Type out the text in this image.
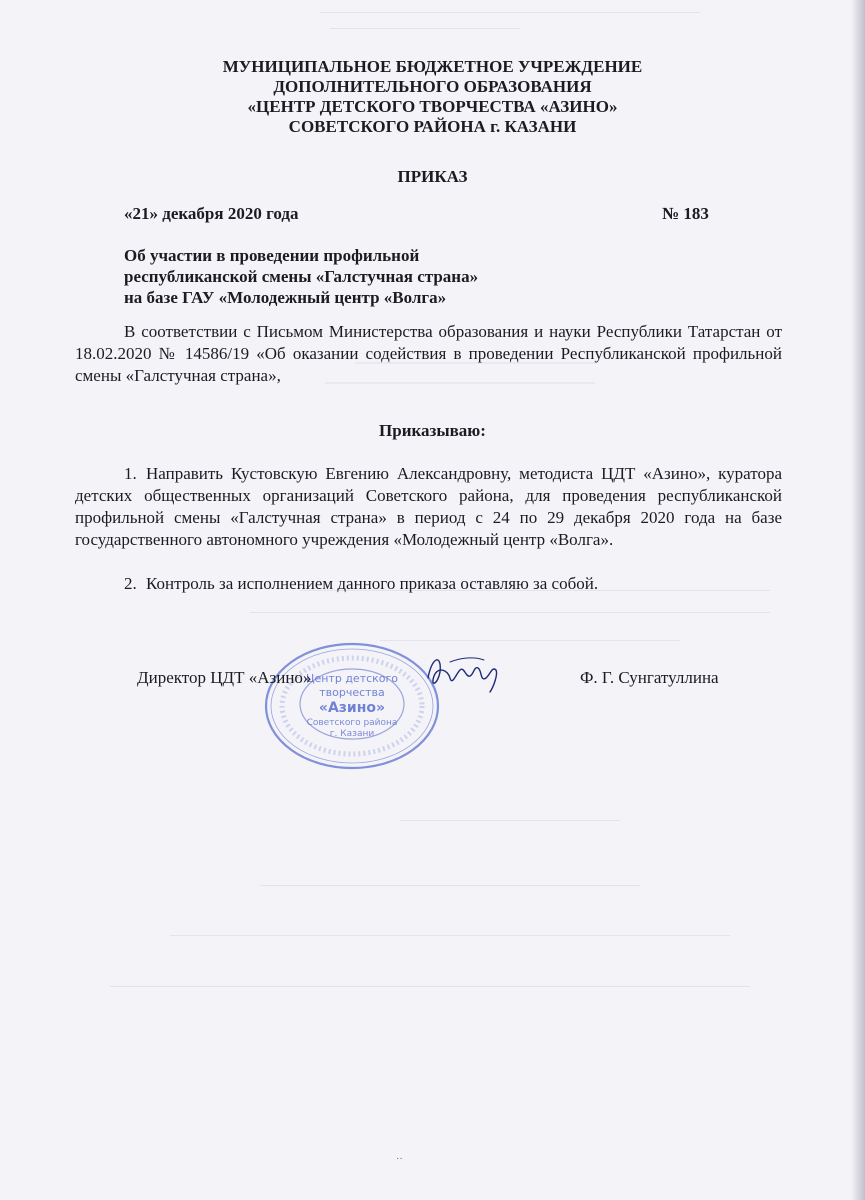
МУНИЦИПАЛЬНОЕ БЮДЖЕТНОЕ УЧРЕЖДЕНИЕ
ДОПОЛНИТЕЛЬНОГО ОБРАЗОВАНИЯ
«ЦЕНТР ДЕТСКОГО ТВОРЧЕСТВА «АЗИНО»
СОВЕТСКОГО РАЙОНА г. КАЗАНИ
ПРИКАЗ
«21» декабря 2020 года	№ 183
Об участии в проведении профильной
республиканской смены «Галстучная страна»
на базе ГАУ «Молодежный центр «Волга»
В соответствии с Письмом Министерства образования и науки Республики Татарстан от 18.02.2020 № 14586/19 «Об оказании содействия в проведении Республиканской профильной смены «Галстучная страна»,
Приказываю:
1. Направить Кустовскую Евгению Александровну, методиста ЦДТ «Азино», куратора детских общественных организаций Советского района, для проведения республиканской профильной смены «Галстучная страна» в период с 24 по 29 декабря 2020 года на базе государственного автономного учреждения «Молодежный центр «Волга».
2. Контроль за исполнением данного приказа оставляю за собой.
Центр детского
творчества
«Азино»
Советского района
г. Казани
Директор ЦДТ «Азино»	Ф. Г. Сунгатуллина
˙˙
